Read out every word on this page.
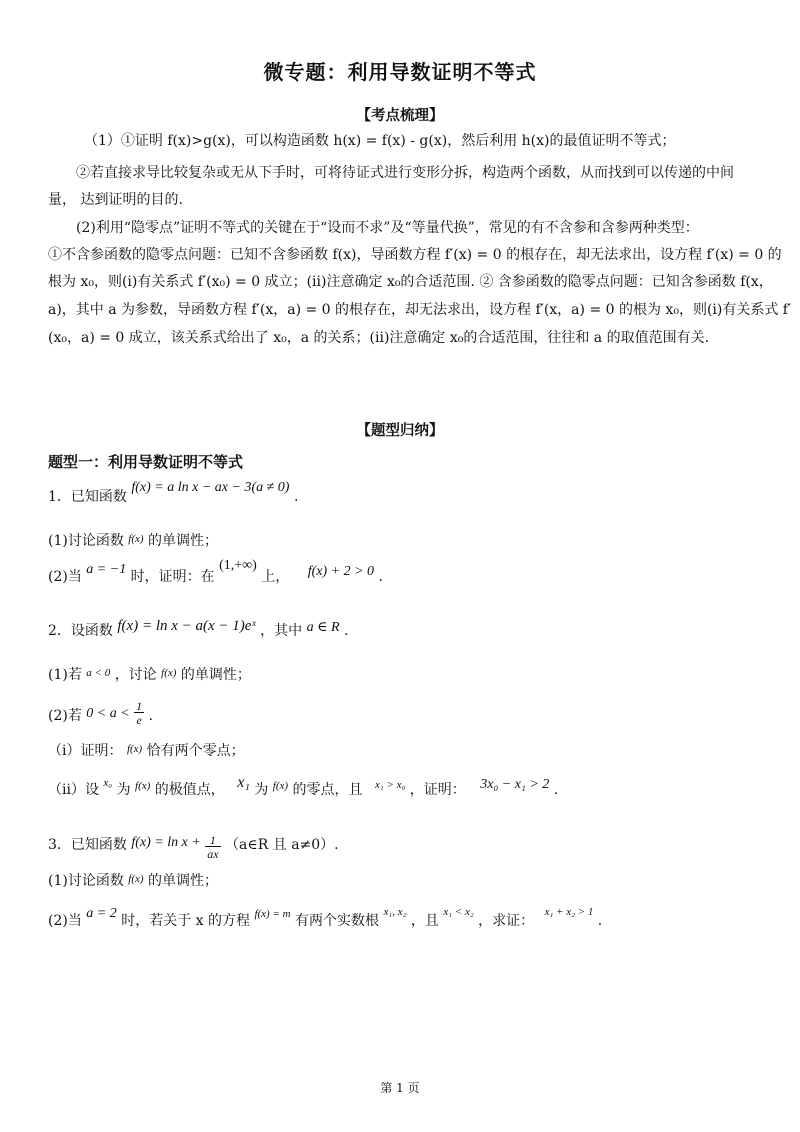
微专题：利用导数证明不等式
【考点梳理】
（1）①证明 f(x)>g(x)，可以构造函数 h(x) = f(x) - g(x)，然后利用 h(x)的最值证明不等式；
②若直接求导比较复杂或无从下手时，可将待证式进行变形分拆，构造两个函数，从而找到可以传递的中间
量， 达到证明的目的.
(2)利用“隐零点”证明不等式的关键在于“设而不求”及“等量代换”，常见的有不含参和含参两种类型：
①不含参函数的隐零点问题：已知不含参函数 f(x)，导函数方程 f′(x) = 0 的根存在，却无法求出，设方程 f′(x) = 0 的
根为 x₀，则(i)有关系式 f′(x₀) = 0 成立；(ii)注意确定 x₀的合适范围. ② 含参函数的隐零点问题：已知含参函数 f(x，
a)，其中 a 为参数，导函数方程 f′(x，a) = 0 的根存在，却无法求出，设方程 f′(x，a) = 0 的根为 x₀，则(i)有关系式 f′
(x₀，a) = 0 成立，该关系式给出了 x₀，a 的关系；(ii)注意确定 x₀的合适范围，往往和 a 的取值范围有关.
【题型归纳】
题型一：利用导数证明不等式
1．已知函数 f(x) = a ln x − ax − 3(a ≠ 0) .
(1)讨论函数 $^{f(x)}$ 的单调性；
(2)当 a = −1 时，证明：在 (1,+∞) 上， f(x) + 2 > 0 .
2．设函数 f(x) = ln x − a(x − 1)eˣ ，其中 a ∈ R .
(1)若 $^{a < 0}$ ，讨论 $^{f(x)}$ 的单调性；
(2)若 $0 < a < \frac{1}{e}$ .
（i）证明： $^{f(x)}$ 恰有两个零点；
（ii）设 $^{x_0}$ 为 $^{f(x)}$ 的极值点， x₁ 为 $^{f(x)}$ 的零点，且 $^{x_1 > x_0}$ ，证明： 3x₀ − x₁ > 2 .
3．已知函数 $f(x) = \ln x + \frac{1}{ax}$ （a∈R 且 a≠0）.
(1)讨论函数 $^{f(x)}$ 的单调性；
(2)当 a = 2 时，若关于 x 的方程 $^{f(x) = m}$ 有两个实数根 $^{x_1, x_2}$ ，且 $^{x_1 < x_2}$ ，求证： $^{x_1 + x_2 > 1}$ .
第 1 页
